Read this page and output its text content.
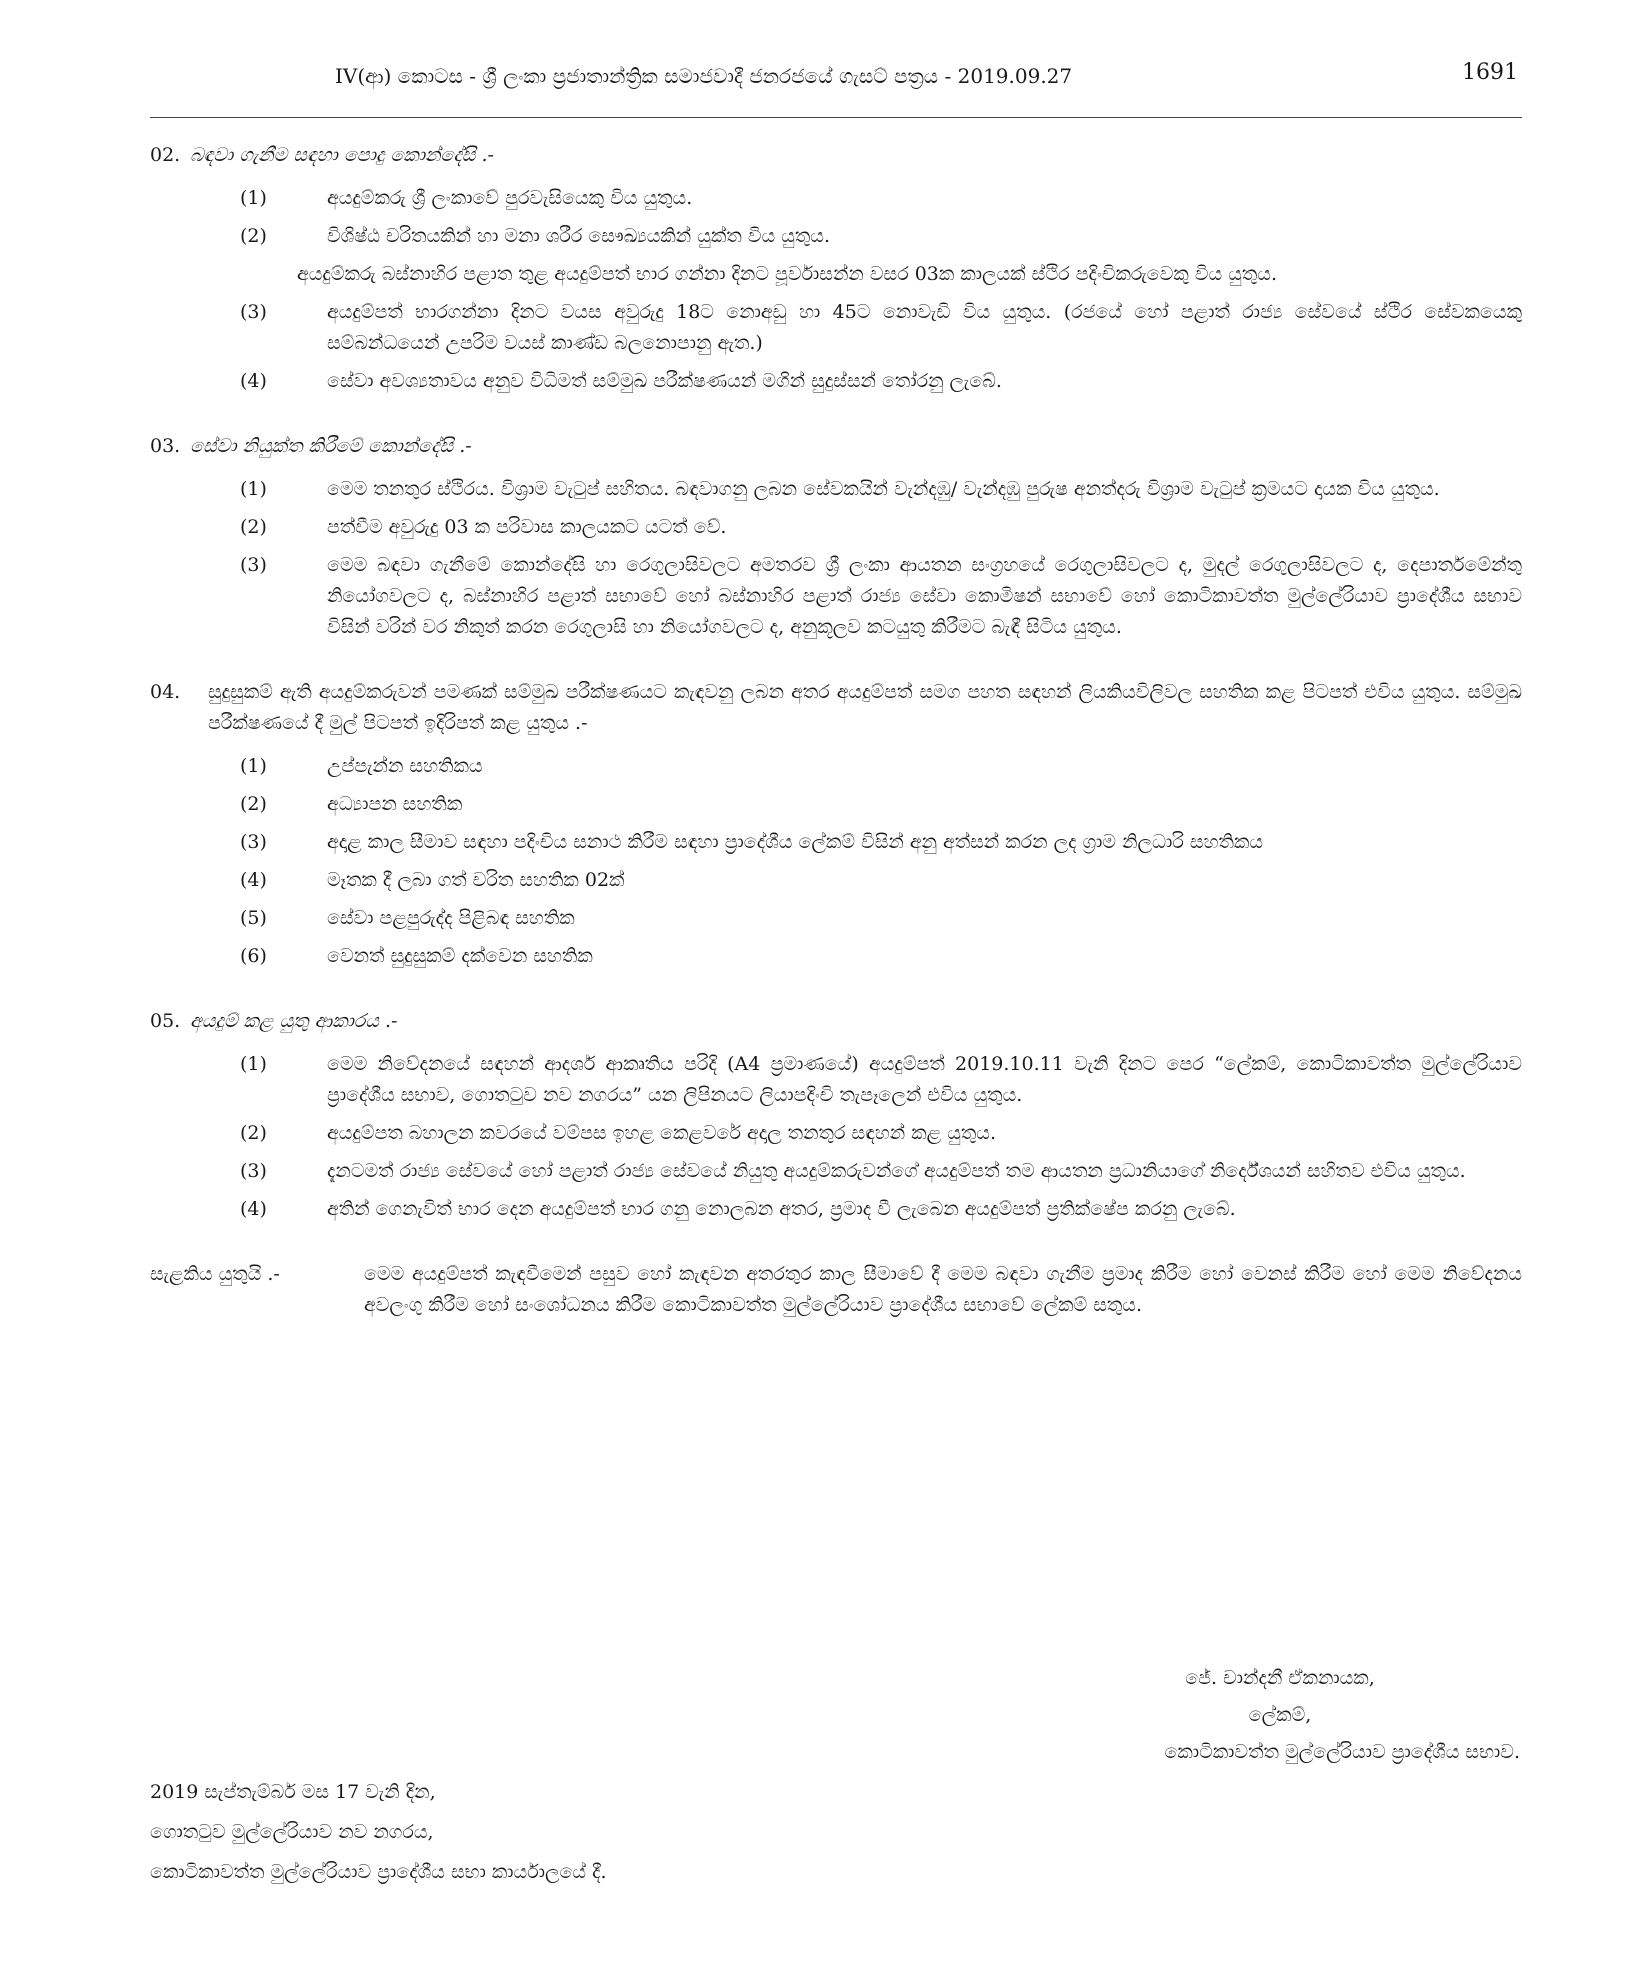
IV(ආ) කොටස - ශ්‍රී ලංකා ප්‍රජාතාන්ත්‍රික සමාජවාදී ජනරජයේ ගැසට් පත්‍රය - 2019.09.27	1691
02. බඳවා ගැනීම සඳහා පොදු කොන්දේසි .-
(1)	අයදුම්කරු ශ්‍රී ලංකාවේ පුරවැසියෙකු විය යුතුය.
(2)	විශිෂ්ඨ චරිතයකින් හා මනා ශරීර සෞඛ්‍යයකින් යුක්ත විය යුතුය.
අයදුම්කරු බස්නාහිර පළාත තුළ අයදුම්පත් භාර ගන්නා දිනට පූර්වාසන්න වසර 03ක කාලයක් ස්ථිර පදිංචිකරුවෙකු විය යුතුය.
(3)	අයදුම්පත් භාරගන්නා දිනට වයස අවුරුදු 18ට නොඅඩු හා 45ට නොවැඩි විය යුතුය. (රජයේ හෝ පළාත් රාජ්‍ය සේවයේ ස්ථිර සේවකයෙකු සම්බන්ධයෙන් උපරිම වයස් කාණ්ඩ බලනොපානු ඇත.)
(4)	සේවා අවශ්‍යතාවය අනුව විධිමත් සම්මුඛ පරීක්ෂණයන් මගින් සුදුස්සන් තෝරනු ලැබේ.
03. සේවා නියුක්ත කිරීමේ කොන්දේසි .-
(1)	මෙම තනතුර ස්ථිරය. විශ්‍රාම වැටුප් සහිතය. බඳවාගනු ලබන සේවකයින් වැන්දඹු/ වැන්දඹු පුරුෂ අනත්දරු විශ්‍රාම වැටුප් ක්‍රමයට දායක විය යුතුය.
(2)	පත්වීම අවුරුදු 03 ක පරිවාස කාලයකට යටත් වේ.
(3)	මෙම බඳවා ගැනීමේ කොන්දේසි හා රෙගුලාසිවලට අමතරව ශ්‍රී ලංකා ආයතන සංග්‍රහයේ රෙගුලාසිවලට ද, මුදල් රෙගුලාසිවලට ද, දෙපාර්තමේන්තු නියෝගවලට ද, බස්නාහිර පළාත් සභාවේ හෝ බස්නාහිර පළාත් රාජ්‍ය සේවා කොමිෂන් සභාවේ හෝ කොටිකාවත්ත මුල්ලේරියාව ප්‍රාදේශීය සභාව විසින් වරින් වර නිකුත් කරන රෙගුලාසි හා නියෝගවලට ද, අනුකූලව කටයුතු කිරීමට බැඳී සිටිය යුතුය.
04.	සුදුසුකම් ඇති අයදුම්කරුවන් පමණක් සම්මුඛ පරීක්ෂණයට කැඳවනු ලබන අතර අයදුම්පත් සමග පහත සඳහන් ලියකියවිලිවල සහතික කළ පිටපත් එවිය යුතුය. සම්මුඛ පරීක්ෂණයේ දී මුල් පිටපත් ඉදිරිපත් කළ යුතුය .-
(1)	උප්පැන්න සහතිකය
(2)	අධ්‍යාපන සහතික
(3)	අදාළ කාල සීමාව සඳහා පදිංචිය සනාථ කිරීම සඳහා ප්‍රාදේශීය ලේකම් විසින් අනු අත්සන් කරන ලද ග්‍රාම නිලධාරි සහතිකය
(4)	මෑතක දී ලබා ගත් චරිත සහතික 02ක්
(5)	සේවා පළපුරුද්ද පිළිබඳ සහතික
(6)	වෙනත් සුදුසුකම් දක්වෙන සහතික
05. අයදුම් කළ යුතු ආකාරය .-
(1)	මෙම නිවේදනයේ සඳහන් ආදර්ශ ආකෘතිය පරිදි (A4 ප්‍රමාණයේ) අයදුම්පත් 2019.10.11 වැනි දිනට පෙර “ලේකම්, කොටිකාවත්ත මුල්ලේරියාව ප්‍රාදේශීය සභාව, ගොතටුව නව නගරය” යන ලිපිනයට ලියාපදිංචි තැපෑලෙන් එවිය යුතුය.
(2)	අයදුම්පත බහාලන කවරයේ වම්පස ඉහළ කෙළවරේ අදාල තනතුර සඳහන් කළ යුතුය.
(3)	දැනටමත් රාජ්‍ය සේවයේ හෝ පළාත් රාජ්‍ය සේවයේ නියුතු අයදුම්කරුවන්ගේ අයදුම්පත් තම ආයතන ප්‍රධානියාගේ නිර්දේශයන් සහිතව එවිය යුතුය.
(4)	අතින් ගෙනැවිත් භාර දෙන අයදුම්පත් භාර ගනු නොලබන අතර, ප්‍රමාද වී ලැබෙන අයදුම්පත් ප්‍රතික්ෂේප කරනු ලැබේ.
සැළකිය යුතුයි .-	මෙම අයදුම්පත් කැඳවීමෙන් පසුව හෝ කැඳවන අතරතුර කාල සීමාවේ දී මෙම බඳවා ගැනීම ප්‍රමාද කිරීම හෝ වෙනස් කිරීම හෝ මෙම නිවේදනය අවලංගු කිරීම හෝ සංශෝධනය කිරීම කොටිකාවත්ත මුල්ලේරියාව ප්‍රාදේශීය සභාවේ ලේකම් සතුය.
ජේ. චාන්දනී ඒකනායක,
ලේකම්,
කොටිකාවත්ත මුල්ලේරියාව ප්‍රාදේශීය සභාව.
2019 සැප්තැම්බර් මස 17 වැනි දින,
ගොතටුව මුල්ලේරියාව නව නගරය,
කොටිකාවත්ත මුල්ලේරියාව ප්‍රාදේශීය සභා කාර්යාලයේ දී.
